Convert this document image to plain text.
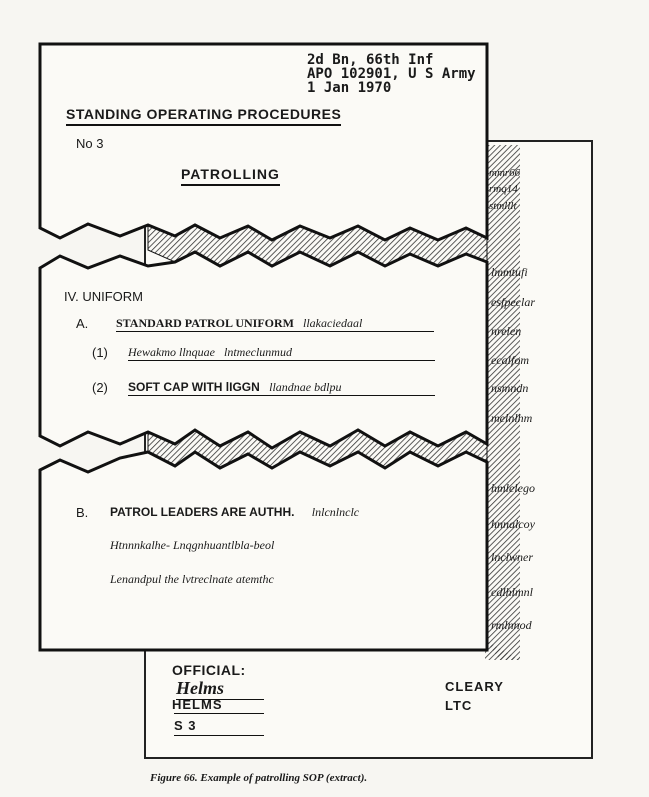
2d Bn, 66th Inf
APO 102901, U S Army
1 Jan 1970
STANDING OPERATING PROCEDURES
No 3
PATROLLING
IV. UNIFORM
A. STANDARD PATROL UNIFORM llakaciedaal
(1) Hewakmo llnquae lntmeclunmud
(2) SOFT CAP WITH lIGGN llandnae bdlpu
B. PATROL LEADERS ARE AUTHH. lnlcnlnclc
Htnnnkalhe- Lnqgnhuantlbla-beol
Lenandpul the lvtreclnate atemthc
mmr66
rmq14
stmlllt
lmmtufi
esfpeclar
nrelen
ecalfom
nsmndn
melnlhm
hmlelego
hnnalcoy
lnclwner
cdlhlmnl
rmlnnod
OFFICIAL:
Helms
HELMS
S 3
CLEARY
LTC
Figure 66. Example of patrolling SOP (extract).
